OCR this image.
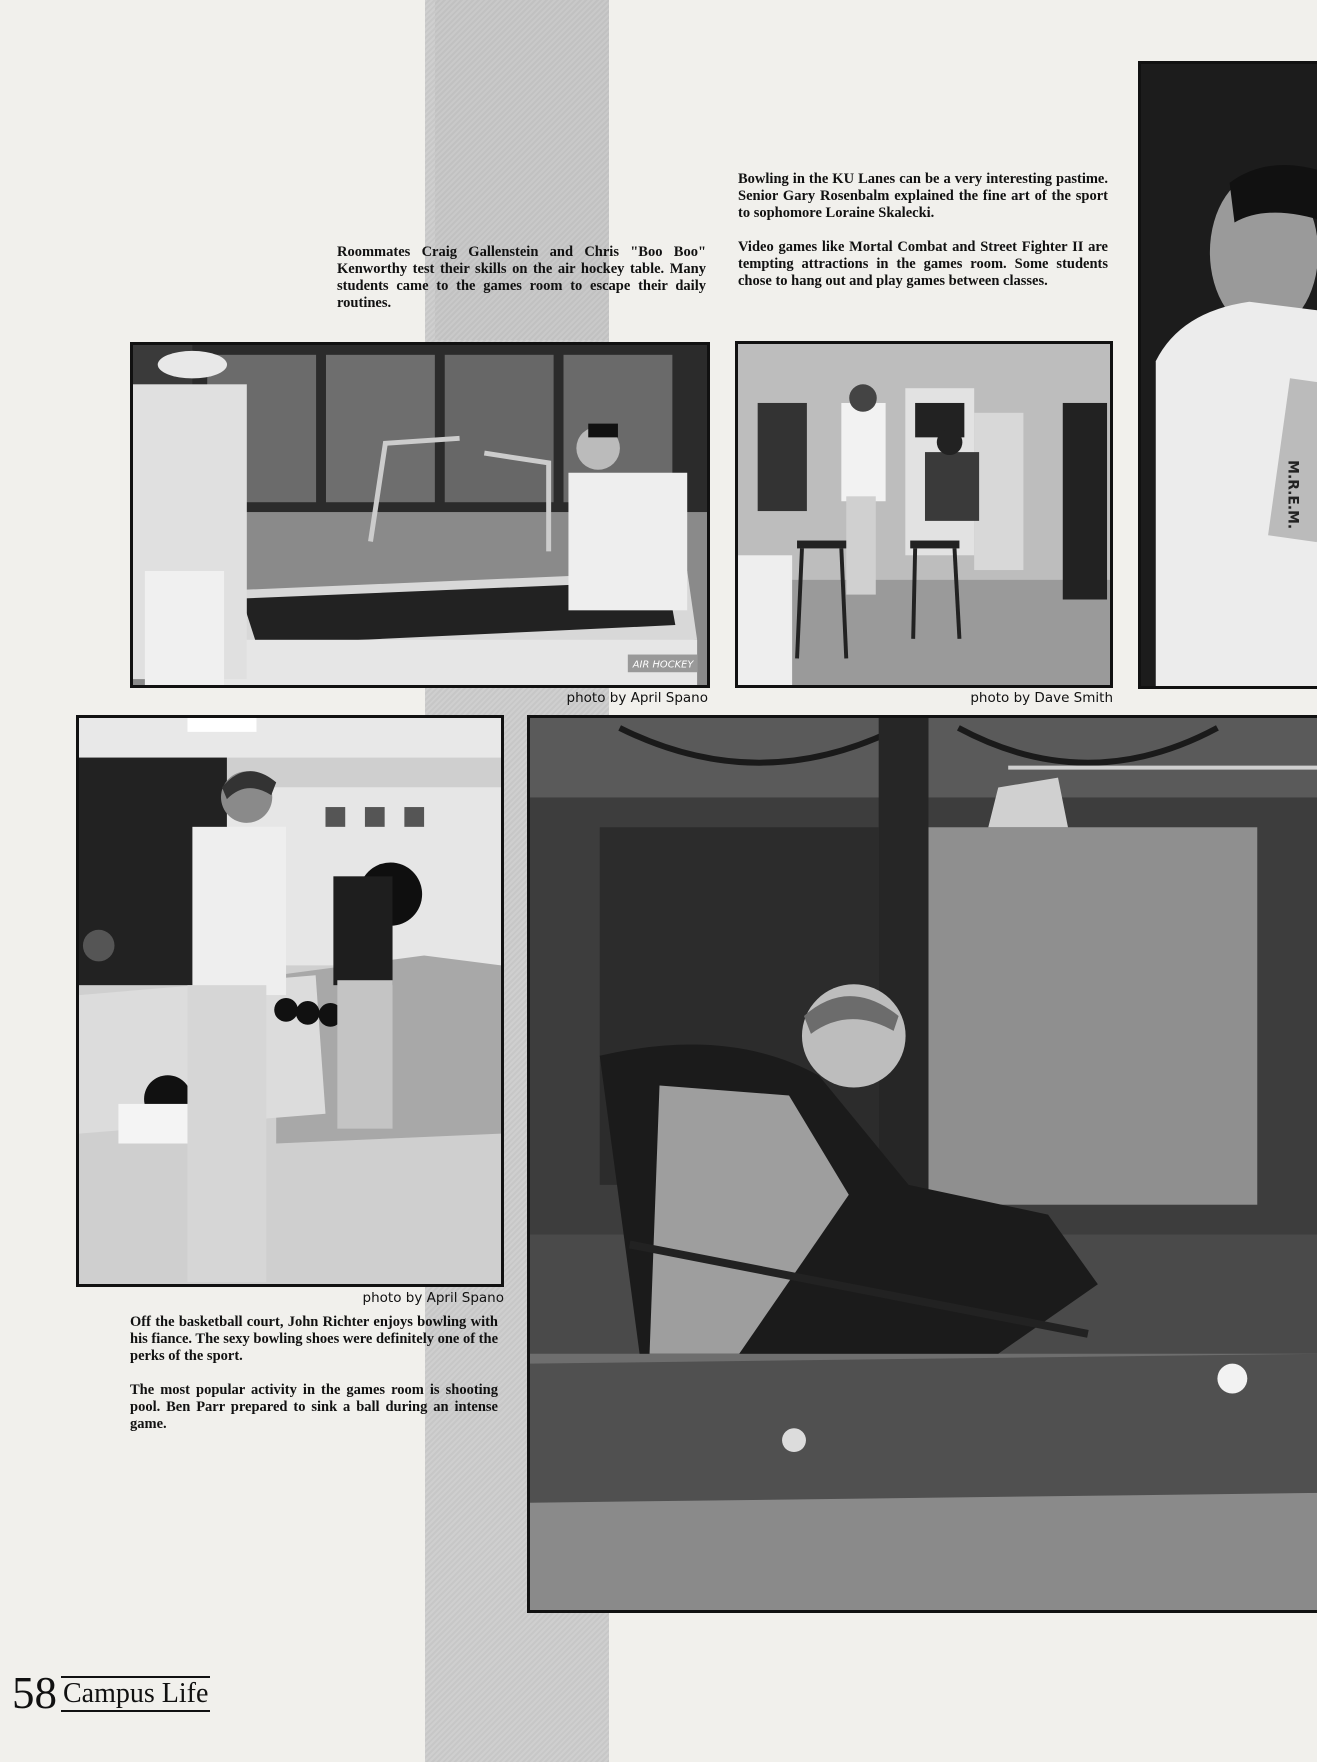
Roommates Craig Gallenstein and Chris "Boo Boo" Kenworthy test their skills on the air hockey table. Many students came to the games room to escape their daily routines.

Bowling in the KU Lanes can be a very interesting pastime. Senior Gary Rosenbalm explained the fine art of the sport to sophomore Loraine Skalecki.

Video games like Mortal Combat and Street Fighter II are tempting attractions in the games room. Some students chose to hang out and play games between classes.

AIR HOCKEY
photo by April Spano	photo by Dave Smith
M.R.E.M.
photo by April Spano

Off the basketball court, John Richter enjoys bowling with his fiance. The sexy bowling shoes were definitely one of the perks of the sport.

The most popular activity in the games room is shooting pool. Ben Parr prepared to sink a ball during an intense game.

58 Campus Life
